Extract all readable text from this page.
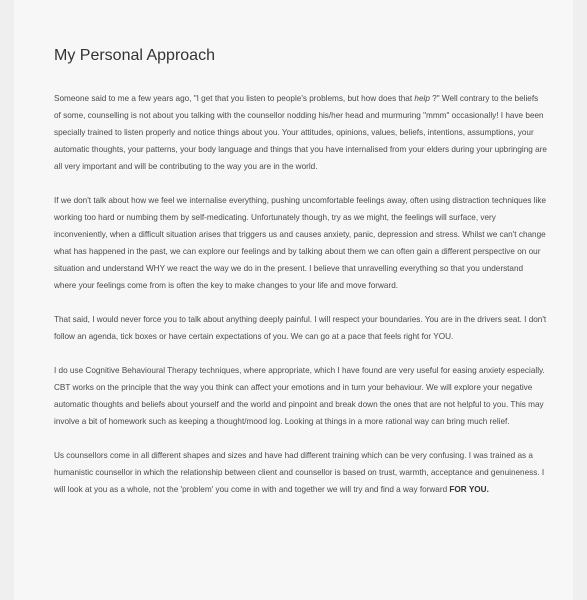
My Personal Approach

Someone said to me a few years ago, "I get that you listen to people's problems, but how does that help ?" Well contrary to the beliefs of some, counselling is not about you talking with the counsellor nodding his/her head and murmuring "mmm" occasionally! I have been specially trained to listen properly and notice things about you. Your attitudes, opinions, values, beliefs, intentions, assumptions, your automatic thoughts, your patterns, your body language and things that you have internalised from your elders during your upbringing are all very important and will be contributing to the way you are in the world.

If we don't talk about how we feel we internalise everything, pushing uncomfortable feelings away, often using distraction techniques like working too hard or numbing them by self-medicating. Unfortunately though, try as we might, the feelings will surface, very inconveniently, when a difficult situation arises that triggers us and causes anxiety, panic, depression and stress. Whilst we can't change what has happened in the past, we can explore our feelings and by talking about them we can often gain a different perspective on our situation and understand WHY we react the way we do in the present. I believe that unravelling everything so that you understand where your feelings come from is often the key to make changes to your life and move forward.

That said, I would never force you to talk about anything deeply painful. I will respect your boundaries. You are in the drivers seat. I don't follow an agenda, tick boxes or have certain expectations of you. We can go at a pace that feels right for YOU.

I do use Cognitive Behavioural Therapy techniques, where appropriate, which I have found are very useful for easing anxiety especially. CBT works on the principle that the way you think can affect your emotions and in turn your behaviour. We will explore your negative automatic thoughts and beliefs about yourself and the world and pinpoint and break down the ones that are not helpful to you. This may involve a bit of homework such as keeping a thought/mood log. Looking at things in a more rational way can bring much relief.

Us counsellors come in all different shapes and sizes and have had different training which can be very confusing. I was trained as a humanistic counsellor in which the relationship between client and counsellor is based on trust, warmth, acceptance and genuineness. I will look at you as a whole, not the 'problem' you come in with and together we will try and find a way forward FOR YOU.
